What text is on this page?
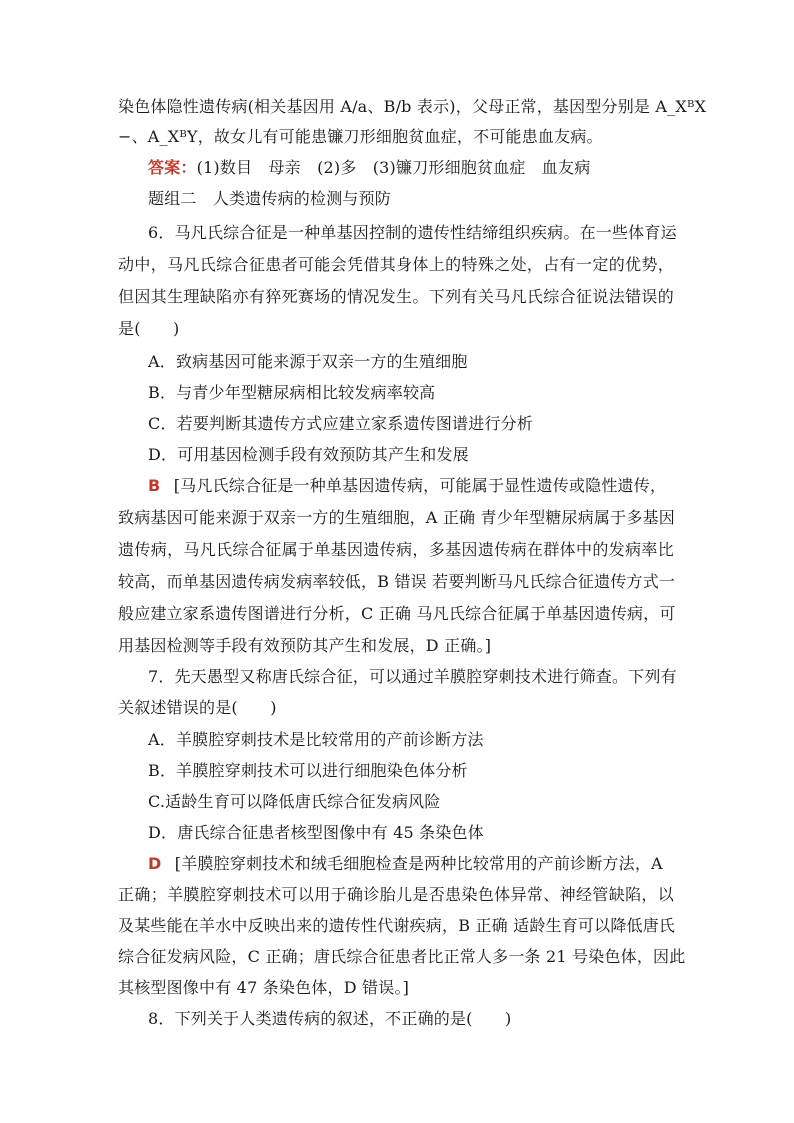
染色体隐性遗传病(相关基因用 A/a、B/b 表示)，父母正常，基因型分别是 A_XᴮX
−、A_XᴮY，故女儿有可能患镰刀形细胞贫血症，不可能患血友病。
答案：(1)数目　母亲　(2)多　(3)镰刀形细胞贫血症　血友病
题组二　人类遗传病的检测与预防
6．马凡氏综合征是一种单基因控制的遗传性结缔组织疾病。在一些体育运
动中，马凡氏综合征患者可能会凭借其身体上的特殊之处，占有一定的优势，
但因其生理缺陷亦有猝死赛场的情况发生。下列有关马凡氏综合征说法错误的
是(　　)
A．致病基因可能来源于双亲一方的生殖细胞
B．与青少年型糖尿病相比较发病率较高
C．若要判断其遗传方式应建立家系遗传图谱进行分析
D．可用基因检测手段有效预防其产生和发展
B [马凡氏综合征是一种单基因遗传病，可能属于显性遗传或隐性遗传，
致病基因可能来源于双亲一方的生殖细胞，A 正确 青少年型糖尿病属于多基因
遗传病，马凡氏综合征属于单基因遗传病，多基因遗传病在群体中的发病率比
较高，而单基因遗传病发病率较低，B 错误 若要判断马凡氏综合征遗传方式一
般应建立家系遗传图谱进行分析，C 正确 马凡氏综合征属于单基因遗传病，可
用基因检测等手段有效预防其产生和发展，D 正确。]
7．先天愚型又称唐氏综合征，可以通过羊膜腔穿刺技术进行筛查。下列有
关叙述错误的是(　　)
A．羊膜腔穿刺技术是比较常用的产前诊断方法
B．羊膜腔穿刺技术可以进行细胞染色体分析
C.适龄生育可以降低唐氏综合征发病风险
D．唐氏综合征患者核型图像中有 45 条染色体
D [羊膜腔穿刺技术和绒毛细胞检查是两种比较常用的产前诊断方法，A
正确；羊膜腔穿刺技术可以用于确诊胎儿是否患染色体异常、神经管缺陷，以
及某些能在羊水中反映出来的遗传性代谢疾病，B 正确 适龄生育可以降低唐氏
综合征发病风险，C 正确；唐氏综合征患者比正常人多一条 21 号染色体，因此
其核型图像中有 47 条染色体，D 错误。]
8．下列关于人类遗传病的叙述，不正确的是(　　)
